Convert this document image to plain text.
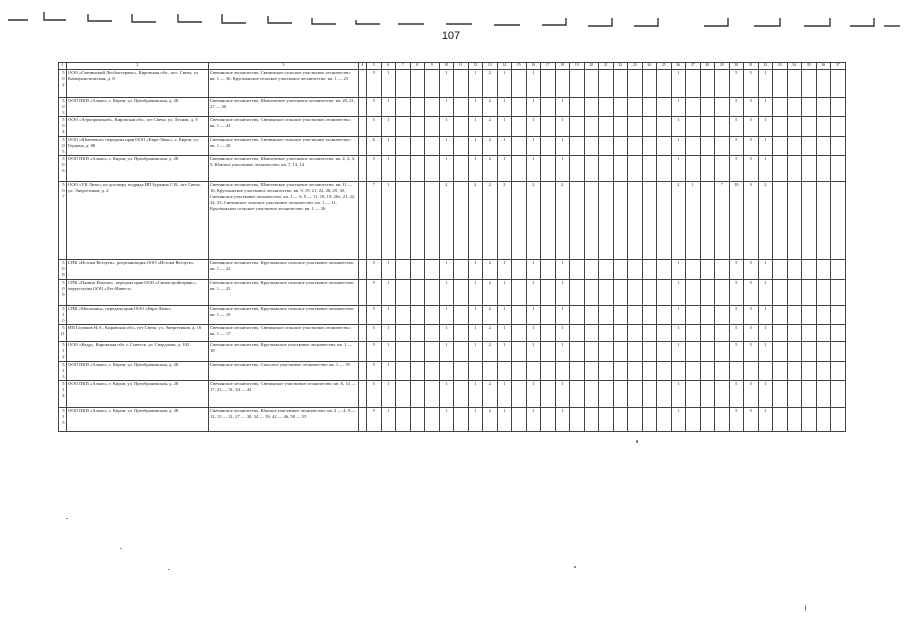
107
1	2	3	4	5	6	7	8	9	10	11	12	13	14	15	16	17	18	19	20	21	22	23	24	25	26	27	28	29	30	31	32	33	34	35	36	37
502	ООО «Свечинский Лесбытсервис», Кировская обл., пос. Свеча, ул. Коммунистическая, д. 8	Свечинское лесничество, Свечинское сельское участковое лесничество: кв. 1 — 36, Круглыжское сельское участковое лесничество: кв. 1 — 23		5	1				1		1	2	1		1										1				5	5	1					
503	ООО ПКП «Алмаз», г. Киров, ул. Преображенская, д. 28	Свечинское лесничество, Шмелевское участковое лесничество: кв. 20, 21, 27 — 30		5	1				1		1	2	1		1		1								1				5	5	1					
504	ООО «Агропромснаб», Кировская обл., пгт Свеча, ул. Лесная, д. 8	Свечинское лесничество, Свечинское сельское участковое лесничество: кв. 1 — 42		5	1				1		1	2	1		1		1								1				5	5	1					
505	ООО «Шмелевое» переданы прав ООО «Евро-Люкс», г. Киров, ул. Герцена, д. 88	Свечинское лесничество, Свечинское сельское участковое лесничество: кв. 1 — 20		6	1				1		1	2	1		1		1								1				5	5	1					
506	ООО ПКП «Алмаз», г. Киров, ул. Преображенская, д. 28	Свечинское лесничество, Шмелевское участковое лесничество: кв. 2, 3, 4, 5, Юмское участковое лесничество: кв. 7, 13, 14		5	1				1		1	2	1		1		1								1				5	5	1					
507	ООО «УК Люкс» по договору подряда ИП Буркина С.В., пгт Свеча, ул. Энергетиков, д. 2	Свечинское лесничество, Шмелевское участковое лесничество: кв. 11 — 16, Круглыжское участковое лесничество: кв. 9, 19, 21, 22, 26, 29, 30, Свечинское участковое лесничество: кв. 1 — 6, 9 — 11, 18, 19, 20ч, 21, 22, 32, 33, Свечинское сельское участковое лесничество: кв. 1 — 11, Круглыжское сельское участковое лесничество: кв. 1 — 26		7	1				2		2	2	2		2		2								2	1		7	10	3	2					
508	СПК «Истоки Ветлуги», реорганизация ООО «Истоки Ветлуги»	Свечинское лесничество, Круглыжское сельское участковое лесничество: кв. 1 — 22		5	1				1		1	2	1		1		1								1				5	5	1					
509	СПК «Память Ильича», передача прав ООО «Свечастройсервис», переуступка ООО «Лес-Инвест»	Свечинское лесничество, Круглыжское сельское участковое лесничество: кв. 1 — 23		5	1				1		1	2	1		1		1								1				5	5	1					
510	СПК «Маслениц», передача прав ООО «Евро-Люкс»	Свечинское лесничество, Круглыжское сельское участковое лесничество: кв. 1 — 10		5	1				1		1	2	1		1		1								1				5	5	1					
511	ИП Глушков Н.А., Кировская обл., пгт Свеча, ул. Энергетиков, д. 16	Свечинское лесничество, Свечинское сельское участковое лесничество: кв. 1 — 17		5	1				1		1	2	1		1		1								1				5	5	1					
512	ООО «Кедр», Кировская обл. г. Советск, ул. Свердлова, д. 102	Свечинское лесничество, Круглыжское участковое лесничество: кв. 1 — 18		5	1				1		1	2	1		1		1								1				5	5	1					
513	ООО ПКП «Алмаз», г. Киров, ул. Преображенская, д. 28	Свечинское лесничество, Спасское участковое лесничество: кв. 1 — 78		5	1																															
514	ООО ПКП «Алмаз», г. Киров, ул. Преображенская, д. 28	Свечинское лесничество, Свечинское участковое лесничество: кв. 8, 14 — 17, 23 — 31, 34 — 43		5	1				1		1	2	1		1		1								1				5	5	1					
515	ООО ПКП «Алмаз», г. Киров, ул. Преображенская, д. 28	Свечинское лесничество, Юмское участковое лесничество: кв. 2 — 4, 9 — 12, 15 — 21, 27 — 30, 34 — 39, 42 — 46, 50 — 55		5	1				1		1	2	1		1		1								1				5	5	1					
